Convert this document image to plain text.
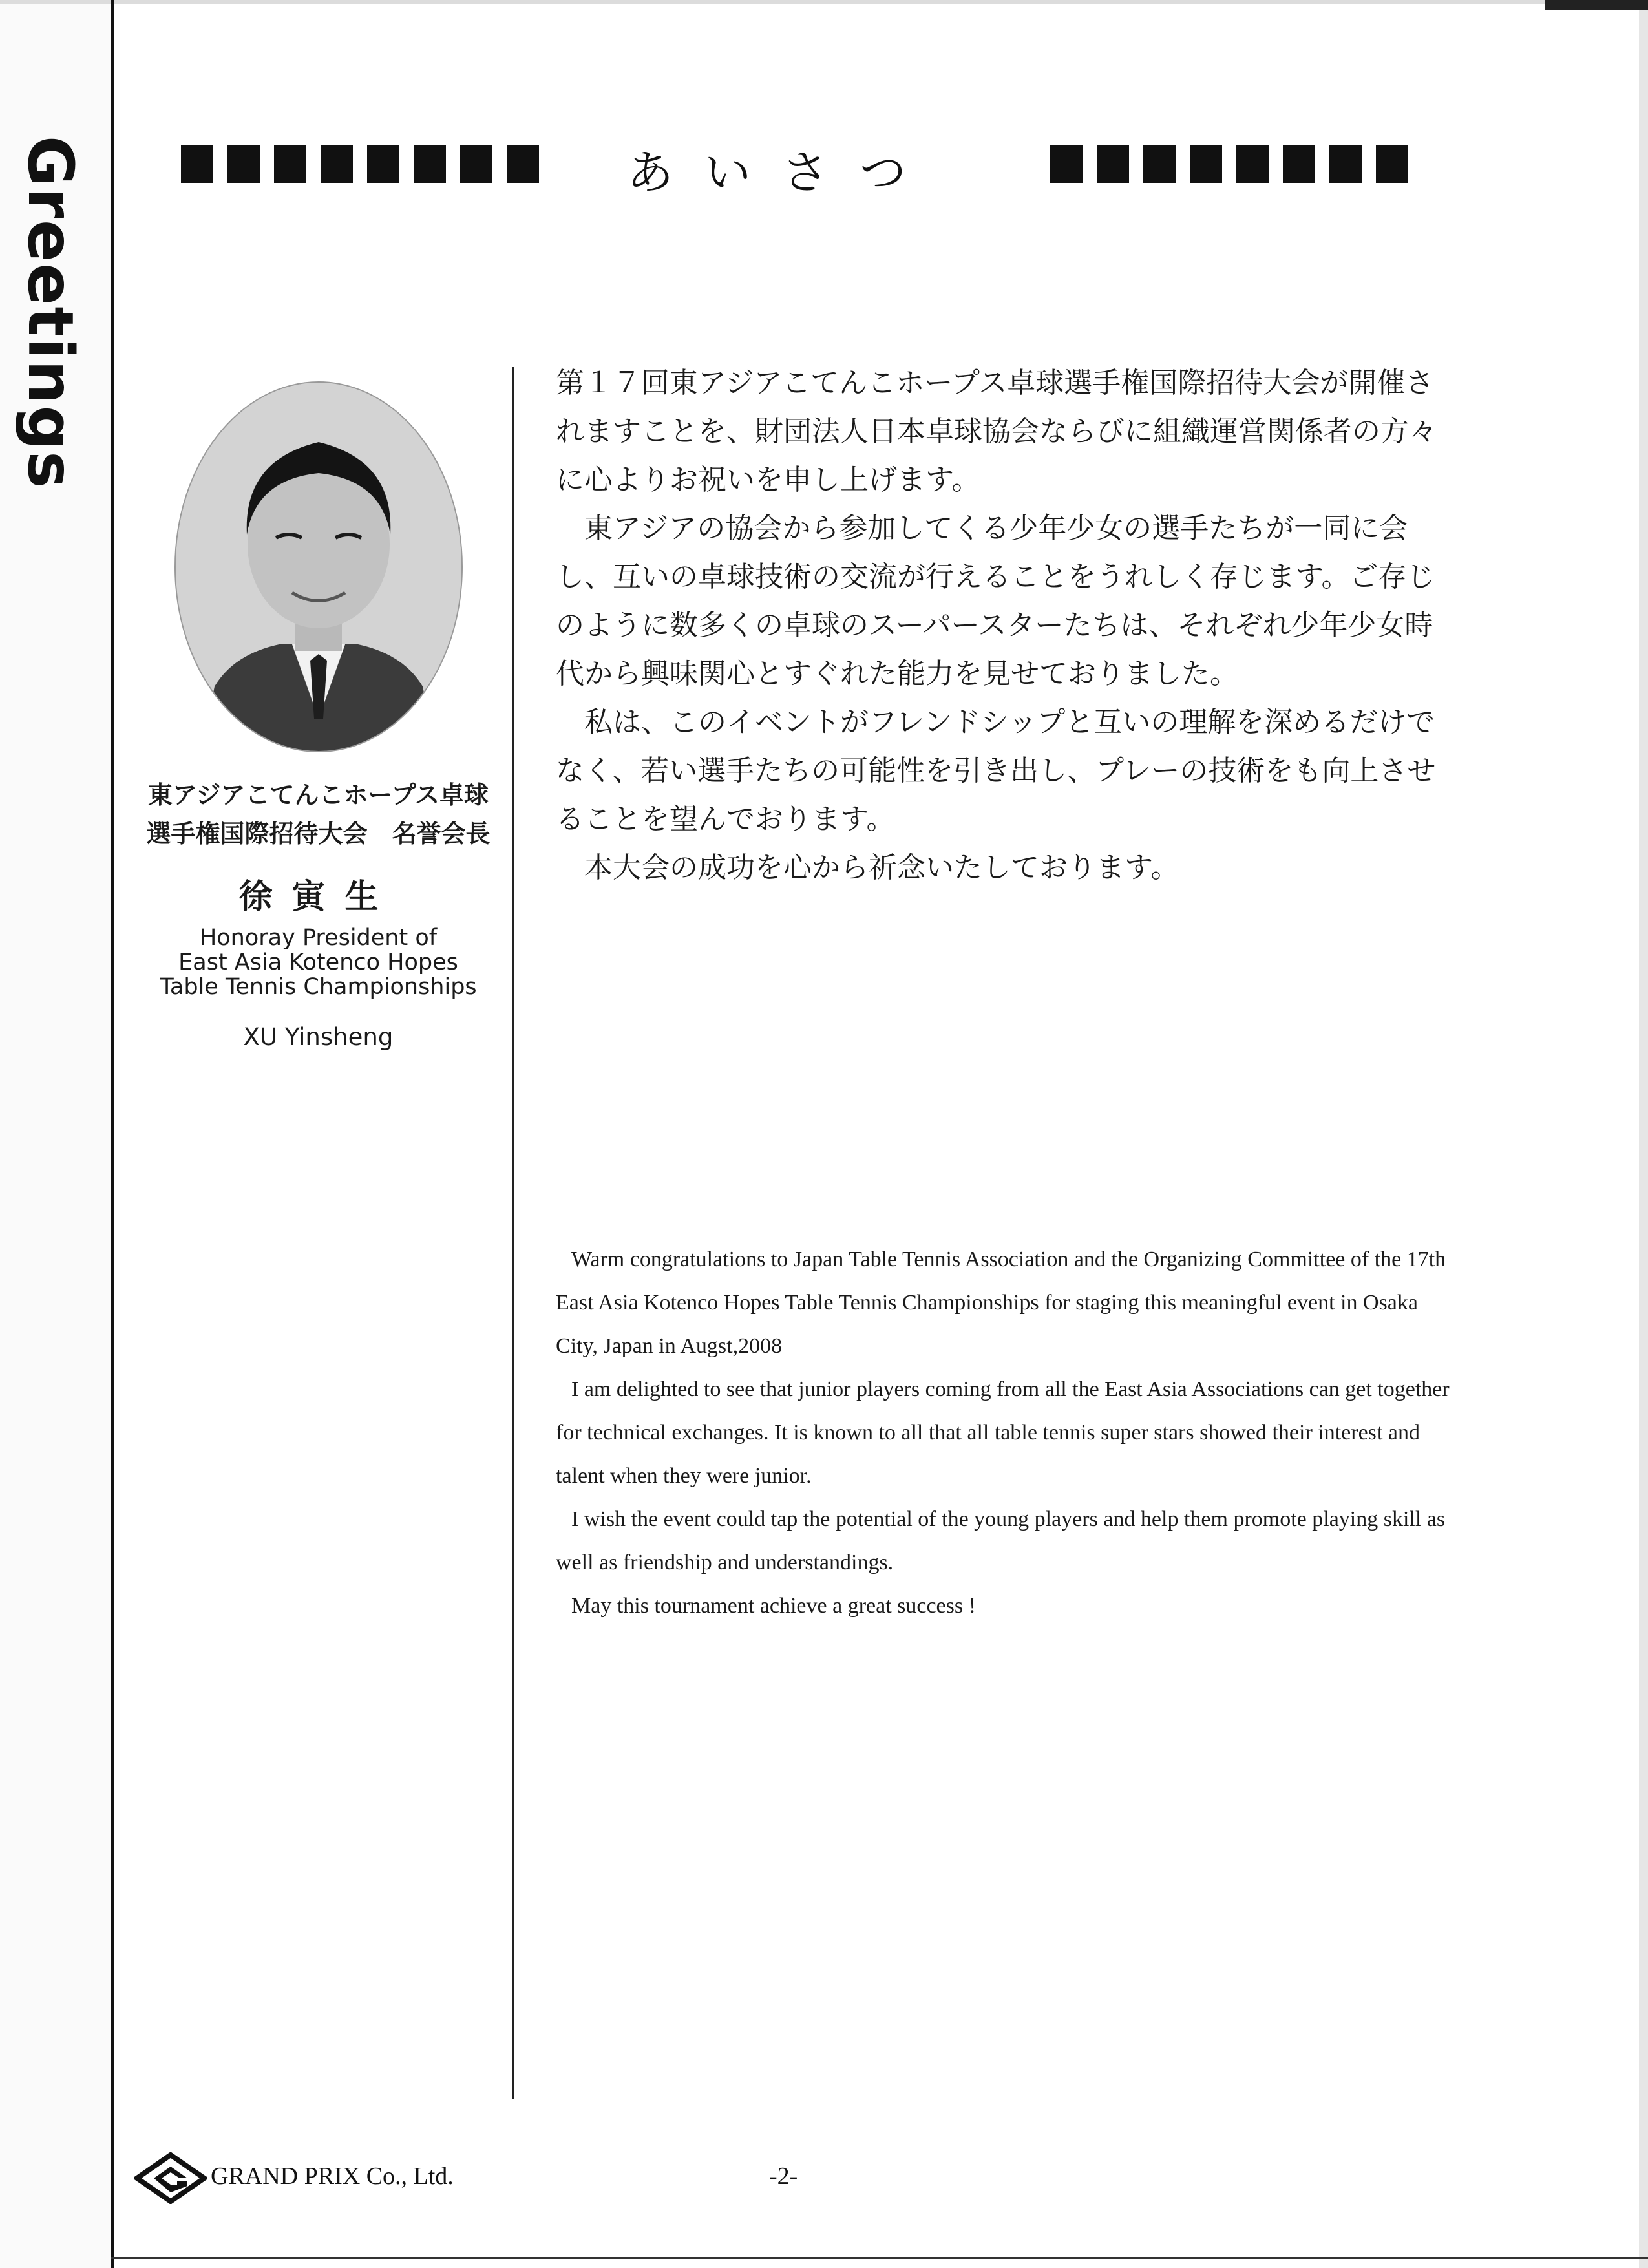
Greetings	あいさつ
東アジアこてんこホープス卓球
選手権国際招待大会　名誉会長
徐寅生
Honoray President of
East Asia Kotenco Hopes
Table Tennis Championships
XU Yinsheng

第１７回東アジアこてんこホープス卓球選手権国際招待大会が開催されますことを、財団法人日本卓球協会ならびに組織運営関係者の方々に心よりお祝いを申し上げます。

東アジアの協会から参加してくる少年少女の選手たちが一同に会し、互いの卓球技術の交流が行えることをうれしく存じます。ご存じのように数多くの卓球のスーパースターたちは、それぞれ少年少女時代から興味関心とすぐれた能力を見せておりました。

私は、このイベントがフレンドシップと互いの理解を深めるだけでなく、若い選手たちの可能性を引き出し、プレーの技術をも向上させることを望んでおります。

本大会の成功を心から祈念いたしております。

Warm congratulations to Japan Table Tennis Association and the Organizing Committee of the 17th East Asia Kotenco Hopes Table Tennis Championships for staging this meaningful event in Osaka City, Japan in Augst,2008

I am delighted to see that junior players coming from all the East Asia Associations can get together for technical exchanges. It is known to all that all table tennis super stars showed their interest and talent when they were junior.

I wish the event could tap the potential of the young players and help them promote playing skill as well as friendship and understandings.

May this tournament achieve a great success !

GRAND PRIX Co., Ltd.	-2-
